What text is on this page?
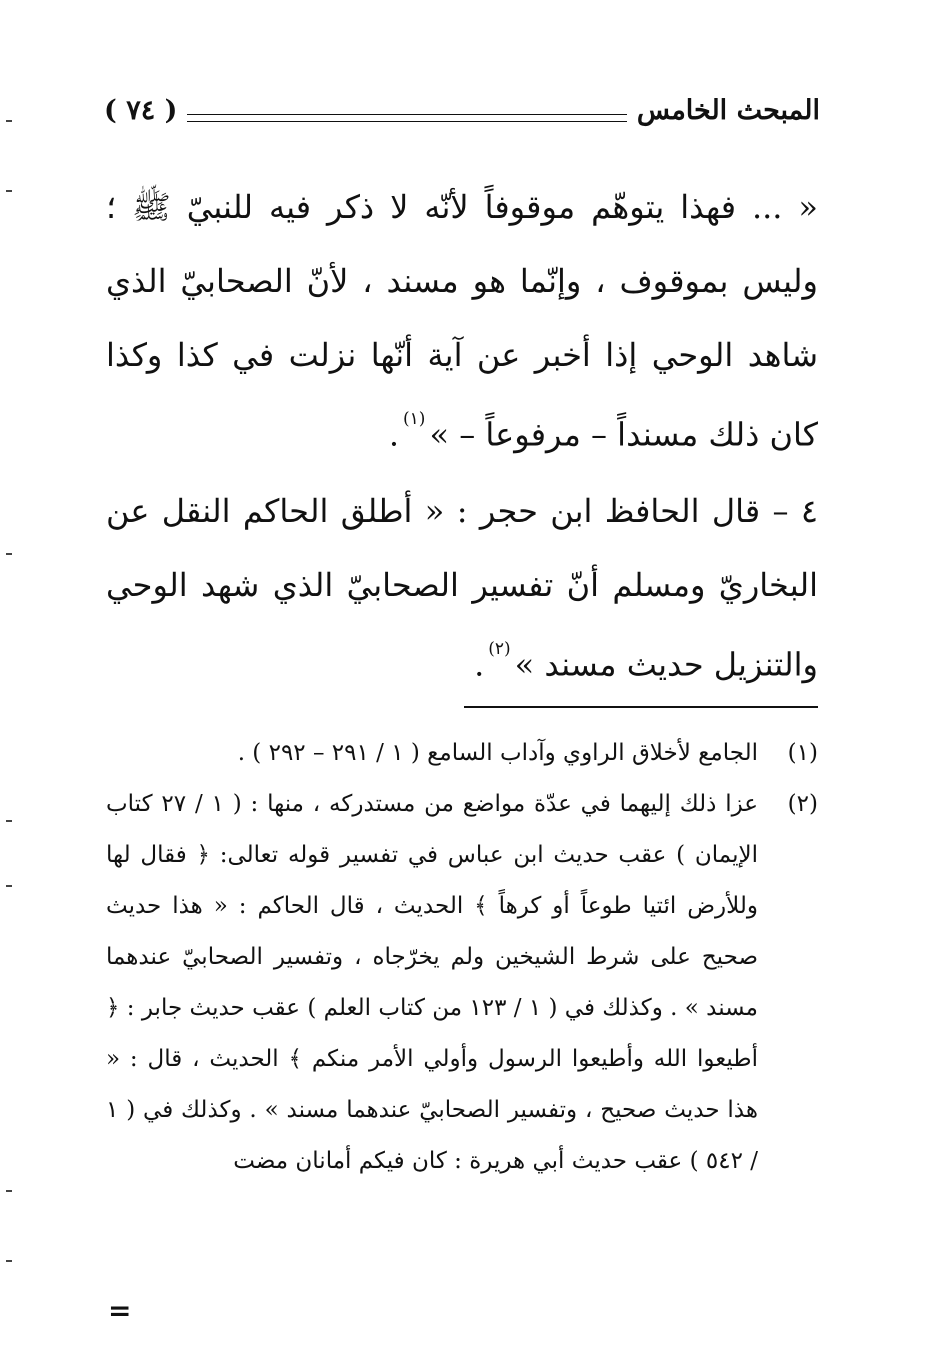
المبحث الخامس
( ٧٤ )

« ... فهذا يتوهّم موقوفاً لأنّه لا ذكر فيه للنبيّ ﷺ ؛ وليس بموقوف ، وإنّما هو مسند ، لأنّ الصحابيّ الذي شاهد الوحي إذا أخبر عن آية أنّها نزلت في كذا وكذا كان ذلك مسنداً – مرفوعاً – »$^{(١)}$.

٤ – قال الحافظ ابن حجر : « أطلق الحاكم النقل عن البخاريّ ومسلم أنّ تفسير الصحابيّ الذي شهد الوحي والتنزيل حديث مسند »$^{(٢)}$.

(١)
الجامع لأخلاق الراوي وآداب السامع ( ١ / ٢٩١ – ٢٩٢ ) .
(٢)
عزا ذلك إليهما في عدّة مواضع من مستدركه ، منها : ( ١ / ٢٧ كتاب الإيمان ) عقب حديث ابن عباس في تفسير قوله تعالى: ﴿ فقال لها وللأرض ائتيا طوعاً أو كرهاً ﴾ الحديث ، قال الحاكم : « هذا حديث صحيح على شرط الشيخين ولم يخرّجاه ، وتفسير الصحابيّ عندهما مسند » . وكذلك في ( ١ / ١٢٣ من كتاب العلم ) عقب حديث جابر : ﴿ أطيعوا الله وأطيعوا الرسول وأولي الأمر منكم ﴾ الحديث ، قال : « هذا حديث صحيح ، وتفسير الصحابيّ عندهما مسند » . وكذلك في ( ١ / ٥٤٢ ) عقب حديث أبي هريرة : كان فيكم أمانان مضت
=
